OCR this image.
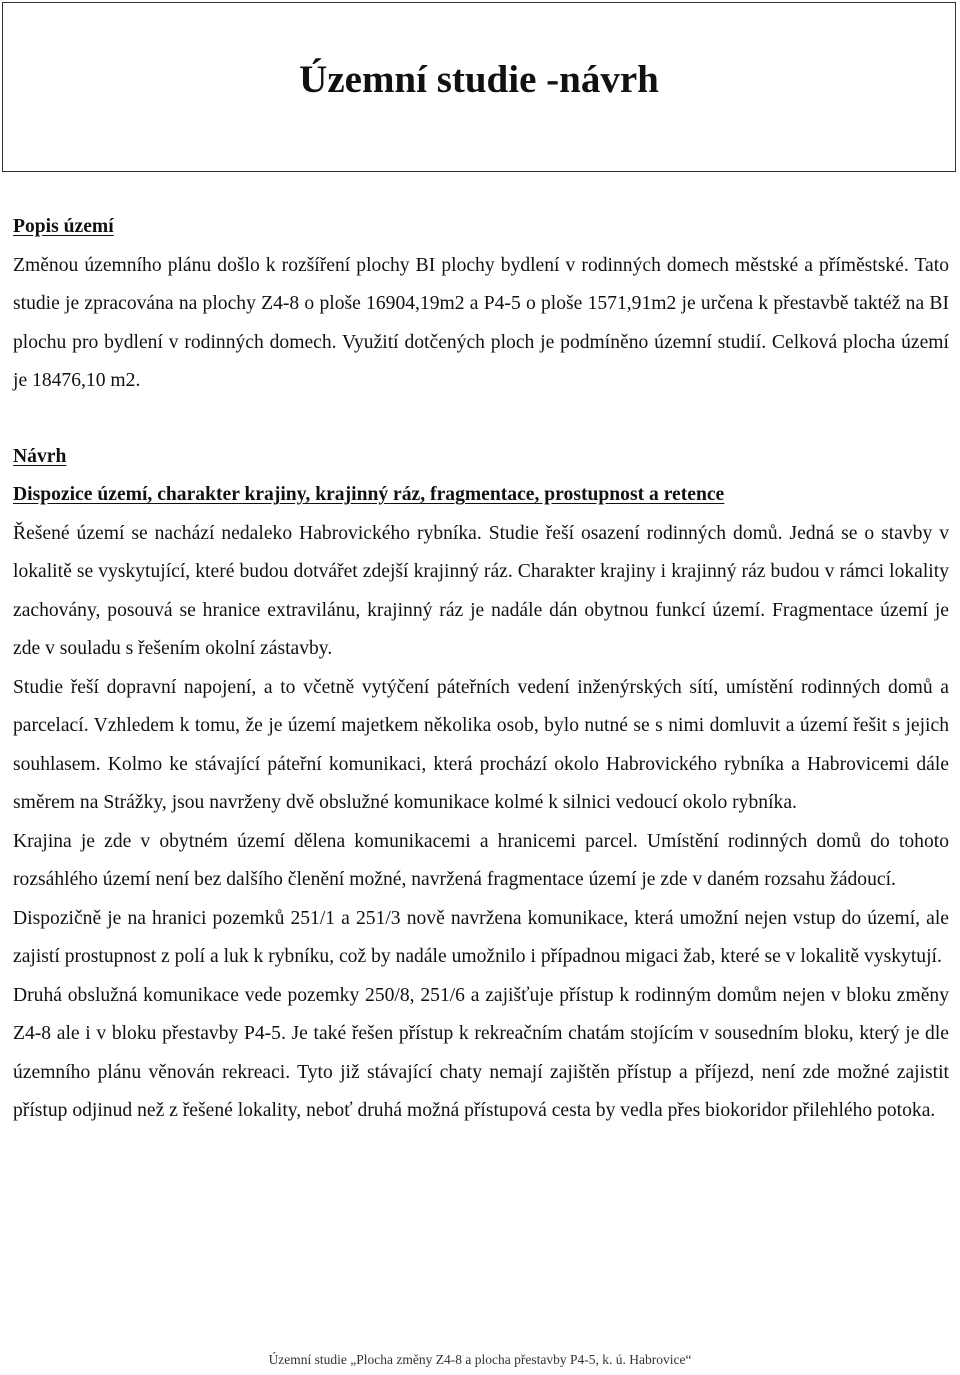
Územní studie -návrh

Popis území

Změnou územního plánu došlo k rozšíření plochy BI plochy bydlení v rodinných domech městské a příměstské. Tato studie je zpracována na plochy Z4-8 o ploše 16904,19m2 a P4-5 o ploše 1571,91m2 je určena k přestavbě taktéž na BI plochu pro bydlení v rodinných domech. Využití dotčených ploch je podmíněno územní studií. Celková plocha území je 18476,10 m2.

Návrh

Dispozice území, charakter krajiny, krajinný ráz, fragmentace, prostupnost a retence

Řešené území se nachází nedaleko Habrovického rybníka. Studie řeší osazení rodinných domů. Jedná se o stavby v lokalitě se vyskytující, které budou dotvářet zdejší krajinný ráz. Charakter krajiny i krajinný ráz budou v rámci lokality zachovány, posouvá se hranice extravilánu, krajinný ráz je nadále dán obytnou funkcí území. Fragmentace území je zde v souladu s řešením okolní zástavby.

Studie řeší dopravní napojení, a to včetně vytýčení páteřních vedení inženýrských sítí, umístění rodinných domů a parcelací. Vzhledem k tomu, že je území majetkem několika osob, bylo nutné se s nimi domluvit a území řešit s jejich souhlasem. Kolmo ke stávající páteřní komunikaci, která prochází okolo Habrovického rybníka a Habrovicemi dále směrem na Strážky, jsou navrženy dvě obslužné komunikace kolmé k silnici vedoucí okolo rybníka.

Krajina je zde v obytném území dělena komunikacemi a hranicemi parcel. Umístění rodinných domů do tohoto rozsáhlého území není bez dalšího členění možné, navržená fragmentace území je zde v daném rozsahu žádoucí.

Dispozičně je na hranici pozemků 251/1 a 251/3 nově navržena komunikace, která umožní nejen vstup do území, ale zajistí prostupnost z polí a luk k rybníku, což by nadále umožnilo i případnou migaci žab, které se v lokalitě vyskytují.

Druhá obslužná komunikace vede pozemky 250/8, 251/6 a zajišťuje přístup k rodinným domům nejen v bloku změny Z4-8 ale i v bloku přestavby P4-5. Je také řešen přístup k rekreačním chatám stojícím v sousedním bloku, který je dle územního plánu věnován rekreaci. Tyto již stávající chaty nemají zajištěn přístup a příjezd, není zde možné zajistit přístup odjinud než z řešené lokality, neboť druhá možná přístupová cesta by vedla přes biokoridor přilehlého potoka.

Územní studie „Plocha změny Z4-8 a plocha přestavby P4-5, k. ú. Habrovice“
